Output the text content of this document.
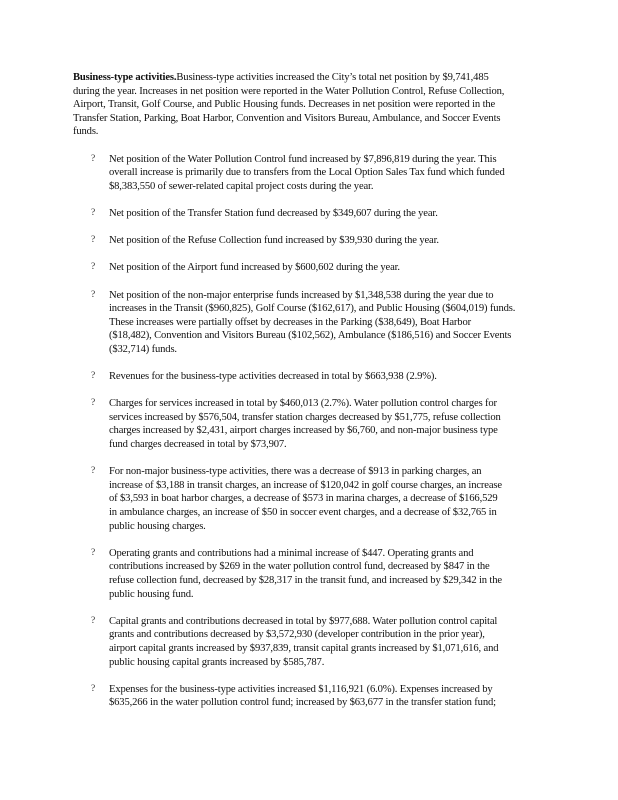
Business-type activities.Business-type activities increased the City’s total net position by $9,741,485
during the year. Increases in net position were reported in the Water Pollution Control, Refuse Collection,
Airport, Transit, Golf Course, and Public Housing funds. Decreases in net position were reported in the
Transfer Station, Parking, Boat Harbor, Convention and Visitors Bureau, Ambulance, and Soccer Events
funds.

? Net position of the Water Pollution Control fund increased by $7,896,819 during the year. This
overall increase is primarily due to transfers from the Local Option Sales Tax fund which funded
$8,383,550 of sewer-related capital project costs during the year.
? Net position of the Transfer Station fund decreased by $349,607 during the year.
? Net position of the Refuse Collection fund increased by $39,930 during the year.
? Net position of the Airport fund increased by $600,602 during the year.
? Net position of the non-major enterprise funds increased by $1,348,538 during the year due to
increases in the Transit ($960,825), Golf Course ($162,617), and Public Housing ($604,019) funds.
These increases were partially offset by decreases in the Parking ($38,649), Boat Harbor
($18,482), Convention and Visitors Bureau ($102,562), Ambulance ($186,516) and Soccer Events
($32,714) funds.
? Revenues for the business-type activities decreased in total by $663,938 (2.9%).
? Charges for services increased in total by $460,013 (2.7%). Water pollution control charges for
services increased by $576,504, transfer station charges decreased by $51,775, refuse collection
charges increased by $2,431, airport charges increased by $6,760, and non-major business type
fund charges decreased in total by $73,907.
? For non-major business-type activities, there was a decrease of $913 in parking charges, an
increase of $3,188 in transit charges, an increase of $120,042 in golf course charges, an increase
of $3,593 in boat harbor charges, a decrease of $573 in marina charges, a decrease of $166,529
in ambulance charges, an increase of $50 in soccer event charges, and a decrease of $32,765 in
public housing charges.
? Operating grants and contributions had a minimal increase of $447. Operating grants and
contributions increased by $269 in the water pollution control fund, decreased by $847 in the
refuse collection fund, decreased by $28,317 in the transit fund, and increased by $29,342 in the
public housing fund.
? Capital grants and contributions decreased in total by $977,688. Water pollution control capital
grants and contributions decreased by $3,572,930 (developer contribution in the prior year),
airport capital grants increased by $937,839, transit capital grants increased by $1,071,616, and
public housing capital grants increased by $585,787.
? Expenses for the business-type activities increased $1,116,921 (6.0%). Expenses increased by
$635,266 in the water pollution control fund; increased by $63,677 in the transfer station fund;
